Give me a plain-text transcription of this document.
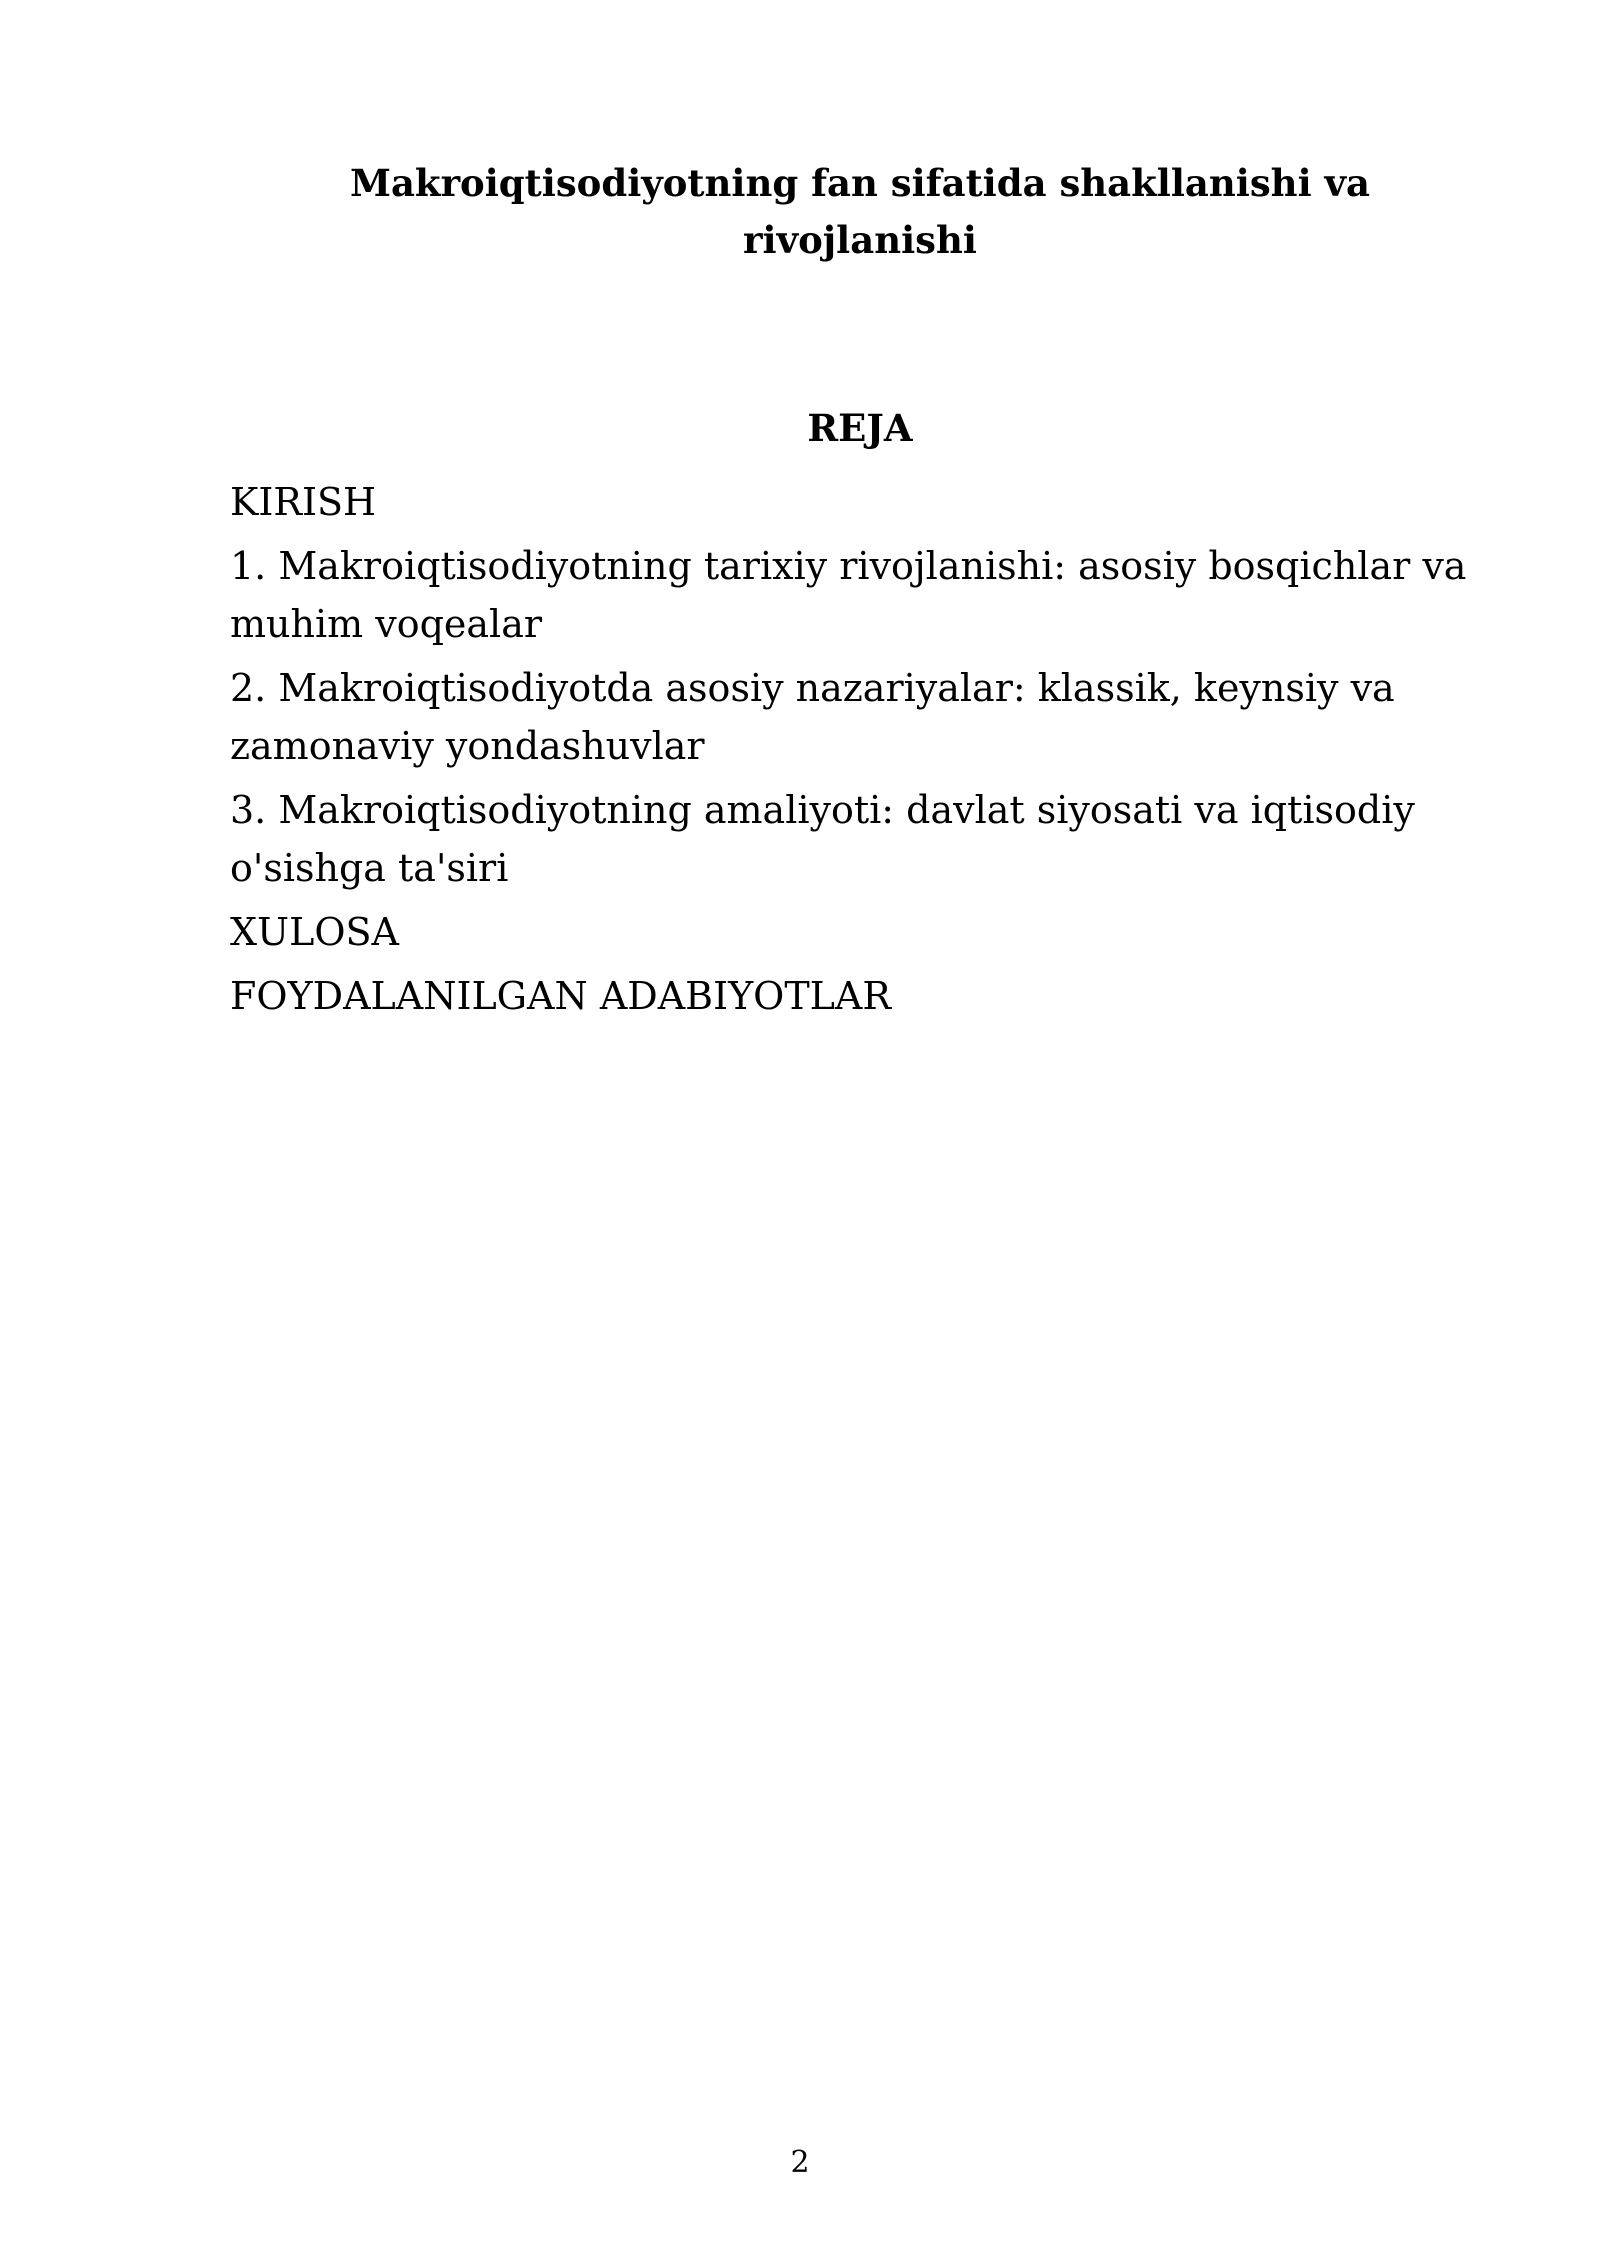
Makroiqtisodiyotning fan sifatida shakllanishi va rivojlanishi
REJA
KIRISH
1. Makroiqtisodiyotning tarixiy rivojlanishi: asosiy bosqichlar va muhim voqealar
2. Makroiqtisodiyotda asosiy nazariyalar: klassik, keynsiy va zamonaviy yondashuvlar
3. Makroiqtisodiyotning amaliyoti: davlat siyosati va iqtisodiy o'sishga ta'siri
XULOSA
FOYDALANILGAN ADABIYOTLAR
2
